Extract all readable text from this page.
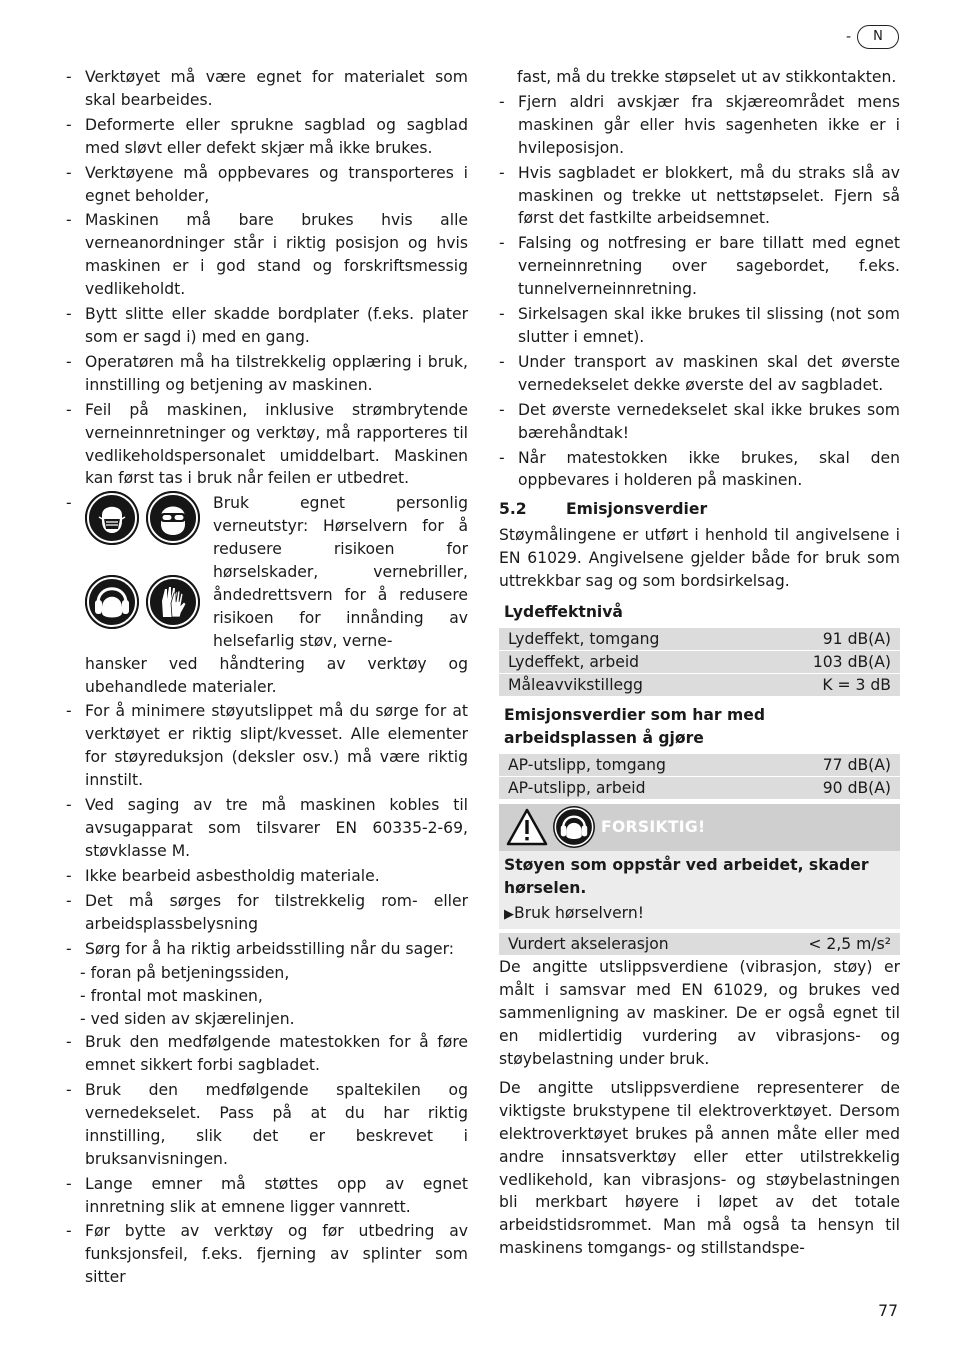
-	N
- Verktøyet må være egnet for materialet som skal bearbeides.
- Deformerte eller sprukne sagblad og sagblad med sløvt eller defekt skjær må ikke brukes.
- Verktøyene må oppbevares og transporteres i egnet beholder,
- Maskinen må bare brukes hvis alle verneanordninger står i riktig posisjon og hvis maskinen er i god stand og forskriftsmessig vedlikeholdt.
- Bytt slitte eller skadde bordplater (f.eks. plater som er sagd i) med en gang.
- Operatøren må ha tilstrekkelig opplæring i bruk, innstilling og betjening av maskinen.
- Feil på maskinen, inklusive strømbrytende verneinnretninger og verktøy, må rapporteres til vedlikeholdspersonalet umiddelbart. Maskinen kan først tas i bruk når feilen er utbedret.
-	Bruk egnet personlig verneutstyr: Hørselvern for å redusere risikoen for hørselskader, vernebriller, åndedrettsvern for å redusere risikoen for innånding av helsefarlig støv, verne-
hansker ved håndtering av verktøy og ubehandlede materialer.
- For å minimere støyutslippet må du sørge for at verktøyet er riktig slipt/kvesset. Alle elementer for støyreduksjon (deksler osv.) må være riktig innstilt.
- Ved saging av tre må maskinen kobles til avsugapparat som tilsvarer EN 60335-2-69, støvklasse M.
- Ikke bearbeid asbestholdig materiale.
- Det må sørges for tilstrekkelig rom- eller arbeidsplassbelysning
- Sørg for å ha riktig arbeidsstilling når du sager:
- foran på betjeningssiden,
- frontal mot maskinen,
- ved siden av skjærelinjen.
- Bruk den medfølgende matestokken for å føre emnet sikkert forbi sagbladet.
- Bruk den medfølgende spaltekilen og vernedekselet. Pass på at du har riktig innstilling, slik det er beskrevet i bruksanvisningen.
- Lange emner må støttes opp av egnet innretning slik at emnene ligger vannrett.
- Før bytte av verktøy og før utbedring av funksjonsfeil, f.eks. fjerning av splinter som sitter
fast, må du trekke støpselet ut av stikkontakten.
- Fjern aldri avskjær fra skjæreområdet mens maskinen går eller hvis sagenheten ikke er i hvileposisjon.
- Hvis sagbladet er blokkert, må du straks slå av maskinen og trekke ut nettstøpselet. Fjern så først det fastkilte arbeidsemnet.
- Falsing og notfresing er bare tillatt med egnet verneinnretning over sagebordet, f.eks. tunnelverneinnretning.
- Sirkelsagen skal ikke brukes til slissing (not som slutter i emnet).
- Under transport av maskinen skal det øverste vernedekselet dekke øverste del av sagbladet.
- Det øverste vernedekselet skal ikke brukes som bærehåndtak!
- Når matestokken ikke brukes, skal den oppbevares i holderen på maskinen.
5.2	Emisjonsverdier

Støymålingene er utført i henhold til angivelsene i EN 61029. Angivelsene gjelder både for bruk som uttrekkbar sag og som bordsirkelsag.

Lydeffektnivå
Lydeffekt, tomgang	91 dB(A)
Lydeffekt, arbeid	103 dB(A)
Måleavvikstillegg	K = 3 dB
Emisjonsverdier som har med arbeidsplassen å gjøre
AP-utslipp, tomgang	77 dB(A)
AP-utslipp, arbeid	90 dB(A)
FORSIKTIG!
Støyen som oppstår ved arbeidet, skader hørselen.
▶Bruk hørselvern!
Vurdert akselerasjon	< 2,5 m/s²

De angitte utslippsverdiene (vibrasjon, støy) er målt i samsvar med EN 61029, og brukes ved sammenligning av maskiner. De er også egnet til en midlertidig vurdering av vibrasjons- og støybelastning under bruk.

De angitte utslippsverdiene representerer de viktigste brukstypene til elektroverktøyet. Dersom elektroverktøyet brukes på annen måte eller med andre innsatsverktøy eller etter utilstrekkelig vedlikehold, kan vibrasjons- og støybelastningen bli merkbart høyere i løpet av det totale arbeidstidsrommet. Man må også ta hensyn til maskinens tomgangs- og stillstandspe-

77
